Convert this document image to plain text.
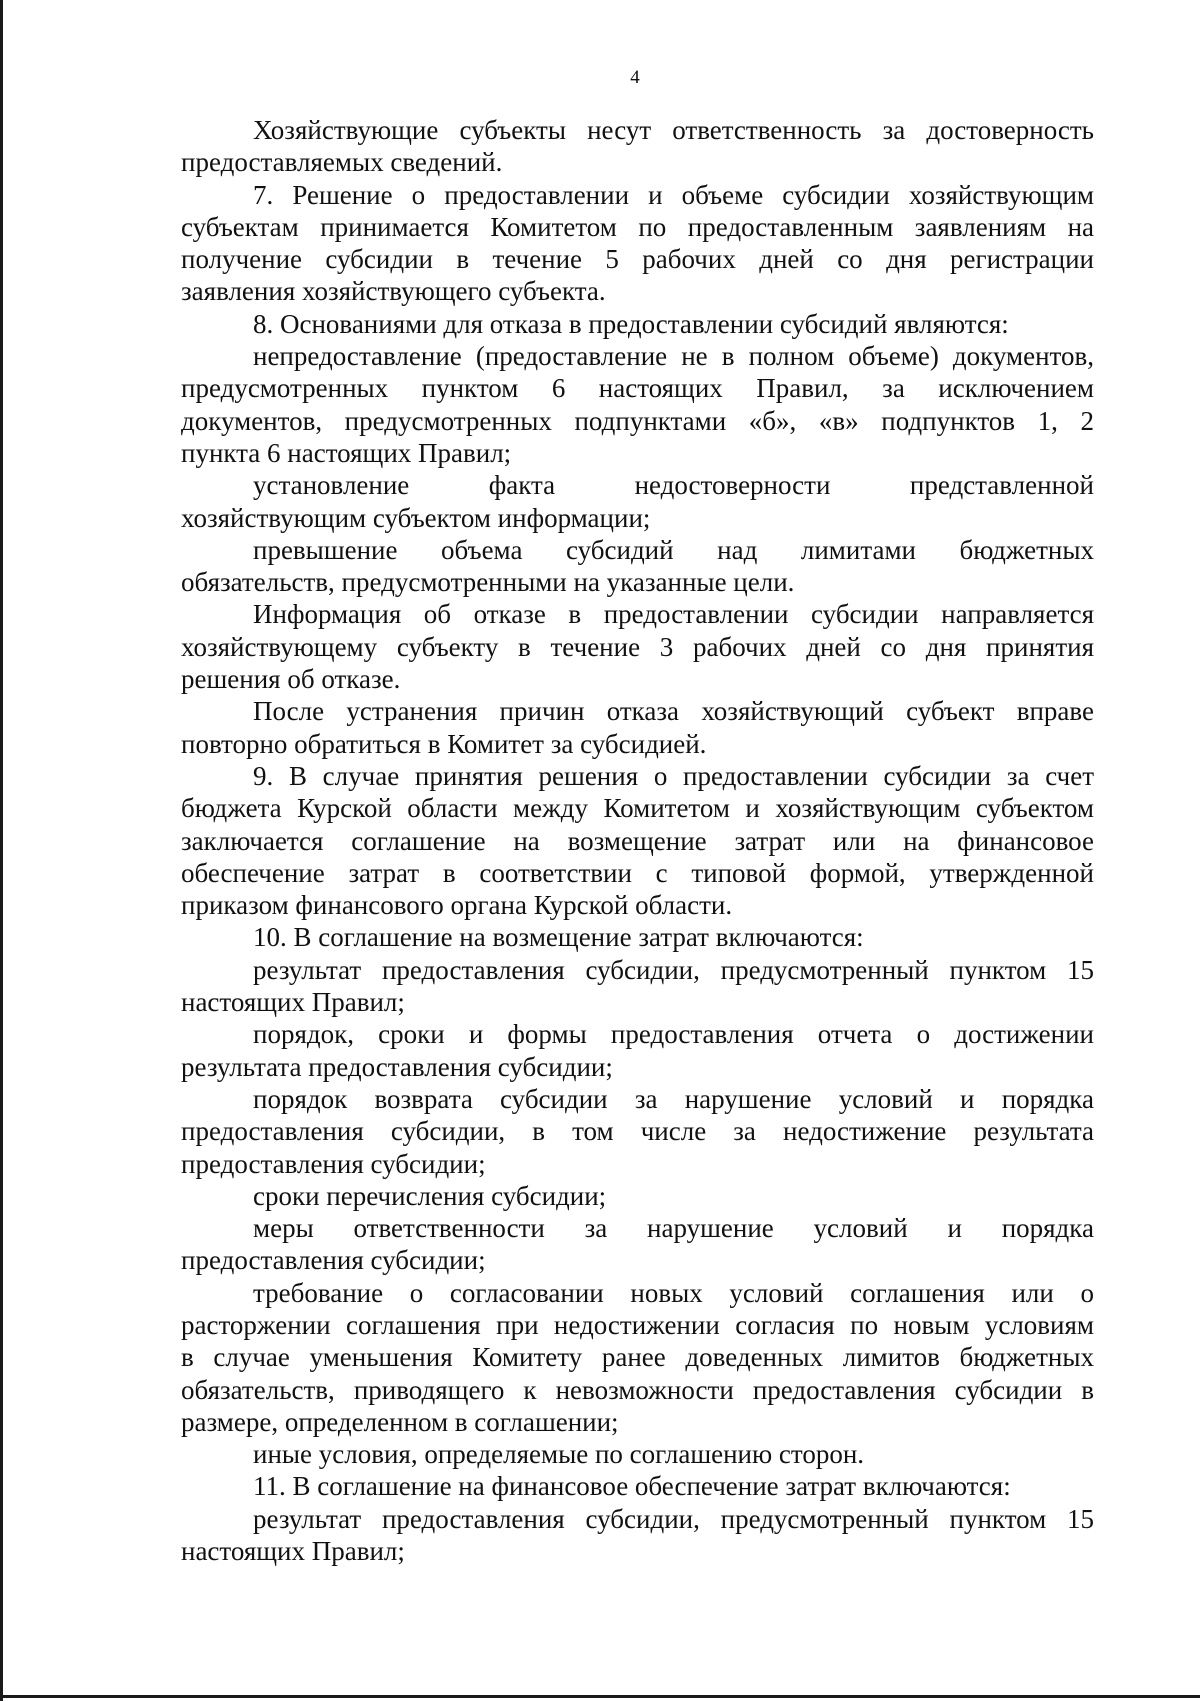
4
Хозяйствующие субъекты несут ответственность за достоверность
предоставляемых сведений.
7. Решение о предоставлении и объеме субсидии хозяйствующим
субъектам принимается Комитетом по предоставленным заявлениям на
получение субсидии в течение 5 рабочих дней со дня регистрации
заявления хозяйствующего субъекта.
8. Основаниями для отказа в предоставлении субсидий являются:
непредоставление (предоставление не в полном объеме) документов,
предусмотренных пунктом 6 настоящих Правил, за исключением
документов, предусмотренных подпунктами «б», «в» подпунктов 1, 2
пункта 6 настоящих Правил;
установление факта недостоверности представленной
хозяйствующим субъектом информации;
превышение объема субсидий над лимитами бюджетных
обязательств, предусмотренными на указанные цели.
Информация об отказе в предоставлении субсидии направляется
хозяйствующему субъекту в течение 3 рабочих дней со дня принятия
решения об отказе.
После устранения причин отказа хозяйствующий субъект вправе
повторно обратиться в Комитет за субсидией.
9. В случае принятия решения о предоставлении субсидии за счет
бюджета Курской области между Комитетом и хозяйствующим субъектом
заключается соглашение на возмещение затрат или на финансовое
обеспечение затрат в соответствии с типовой формой, утвержденной
приказом финансового органа Курской области.
10. В соглашение на возмещение затрат включаются:
результат предоставления субсидии, предусмотренный пунктом 15
настоящих Правил;
порядок, сроки и формы предоставления отчета о достижении
результата предоставления субсидии;
порядок возврата субсидии за нарушение условий и порядка
предоставления субсидии, в том числе за недостижение результата
предоставления субсидии;
сроки перечисления субсидии;
меры ответственности за нарушение условий и порядка
предоставления субсидии;
требование о согласовании новых условий соглашения или о
расторжении соглашения при недостижении согласия по новым условиям
в случае уменьшения Комитету ранее доведенных лимитов бюджетных
обязательств, приводящего к невозможности предоставления субсидии в
размере, определенном в соглашении;
иные условия, определяемые по соглашению сторон.
11. В соглашение на финансовое обеспечение затрат включаются:
результат предоставления субсидии, предусмотренный пунктом 15
настоящих Правил;
